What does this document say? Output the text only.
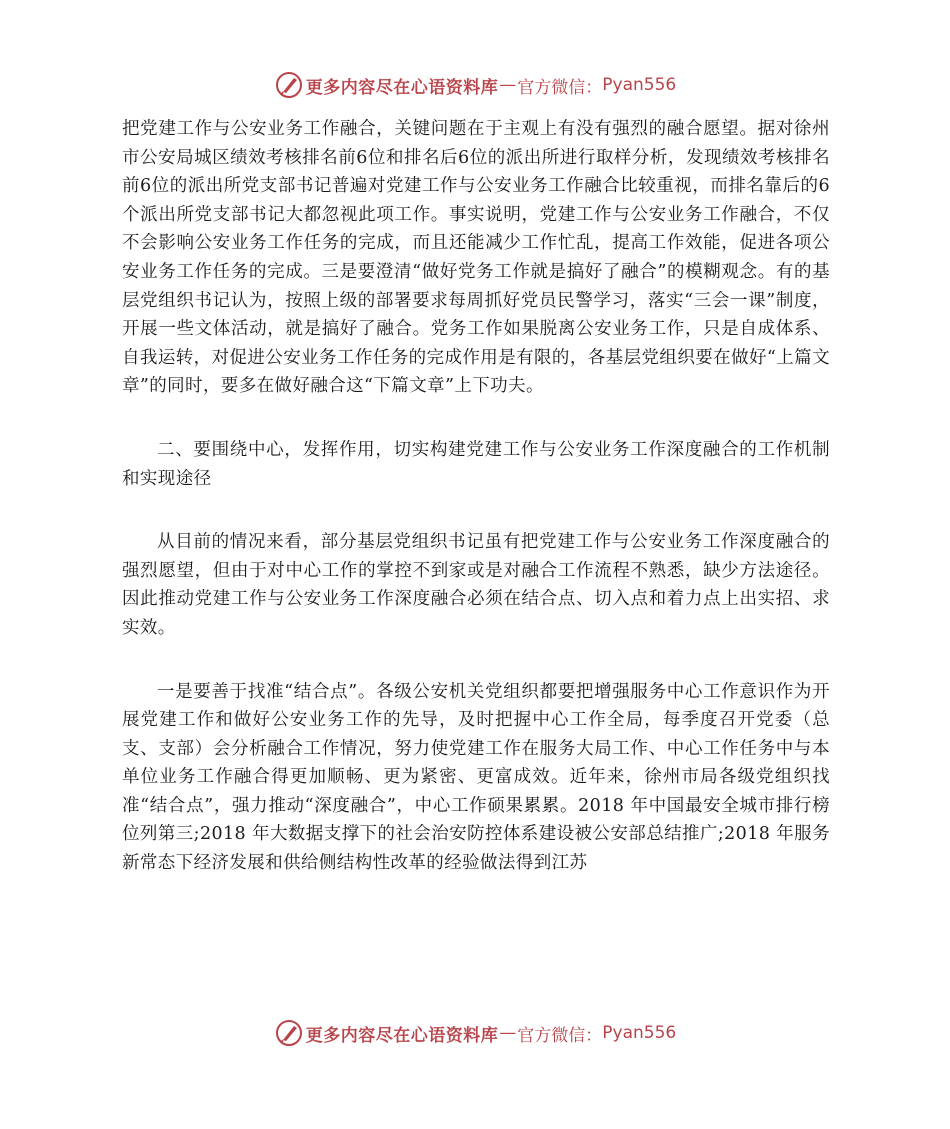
更多内容尽在心语资料库 — 官方微信： Pyan556

把党建工作与公安业务工作融合，关键问题在于主观上有没有强烈的融合愿望。据对徐州市公安局城区绩效考核排名前6位和排名后6位的派出所进行取样分析，发现绩效考核排名前6位的派出所党支部书记普遍对党建工作与公安业务工作融合比较重视，而排名靠后的6个派出所党支部书记大都忽视此项工作。事实说明，党建工作与公安业务工作融合，不仅不会影响公安业务工作任务的完成，而且还能减少工作忙乱，提高工作效能，促进各项公安业务工作任务的完成。三是要澄清“做好党务工作就是搞好了融合”的模糊观念。有的基层党组织书记认为，按照上级的部署要求每周抓好党员民警学习，落实“三会一课”制度，开展一些文体活动，就是搞好了融合。党务工作如果脱离公安业务工作，只是自成体系、自我运转，对促进公安业务工作任务的完成作用是有限的，各基层党组织要在做好“上篇文章”的同时，要多在做好融合这“下篇文章”上下功夫。

二、要围绕中心，发挥作用，切实构建党建工作与公安业务工作深度融合的工作机制和实现途径

从目前的情况来看，部分基层党组织书记虽有把党建工作与公安业务工作深度融合的强烈愿望，但由于对中心工作的掌控不到家或是对融合工作流程不熟悉，缺少方法途径。因此推动党建工作与公安业务工作深度融合必须在结合点、切入点和着力点上出实招、求实效。

一是要善于找准“结合点”。各级公安机关党组织都要把增强服务中心工作意识作为开展党建工作和做好公安业务工作的先导，及时把握中心工作全局，每季度召开党委（总支、支部）会分析融合工作情况，努力使党建工作在服务大局工作、中心工作任务中与本单位业务工作融合得更加顺畅、更为紧密、更富成效。近年来，徐州市局各级党组织找准“结合点”，强力推动“深度融合”，中心工作硕果累累。2018 年中国最安全城市排行榜位列第三;2018 年大数据支撑下的社会治安防控体系建设被公安部总结推广;2018 年服务新常态下经济发展和供给侧结构性改革的经验做法得到江苏

更多内容尽在心语资料库 — 官方微信： Pyan556
